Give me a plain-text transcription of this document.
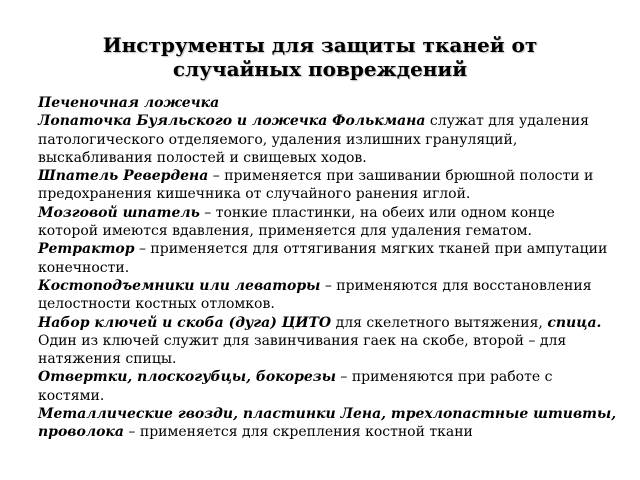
Инструменты для защиты тканей от
случайных повреждений

Печеночная ложечка

Лопаточка Буяльского и ложечка Фолькмана служат для удаления патологического отделяемого, удаления излишних грануляций, выскабливания полостей и свищевых ходов.

Шпатель Ревердена – применяется при зашивании брюшной полости и предохранения кишечника от случайного ранения иглой.

Мозговой шпатель – тонкие пластинки, на обеих или одном конце которой имеются вдавления, применяется для удаления гематом.

Ретрактор – применяется для оттягивания мягких тканей при ампутации конечности.

Костоподъемники или леваторы – применяются для восстановления целостности костных отломков.

Набор ключей и скоба (дуга) ЦИТО для скелетного вытяжения, спица.

Один из ключей служит для завинчивания гаек на скобе, второй – для натяжения спицы.

Отвертки, плоскогубцы, бокорезы – применяются при работе с костями.

Металлические гвозди, пластинки Лена, трехлопастные штивты, проволока – применяется для скрепления костной ткани
